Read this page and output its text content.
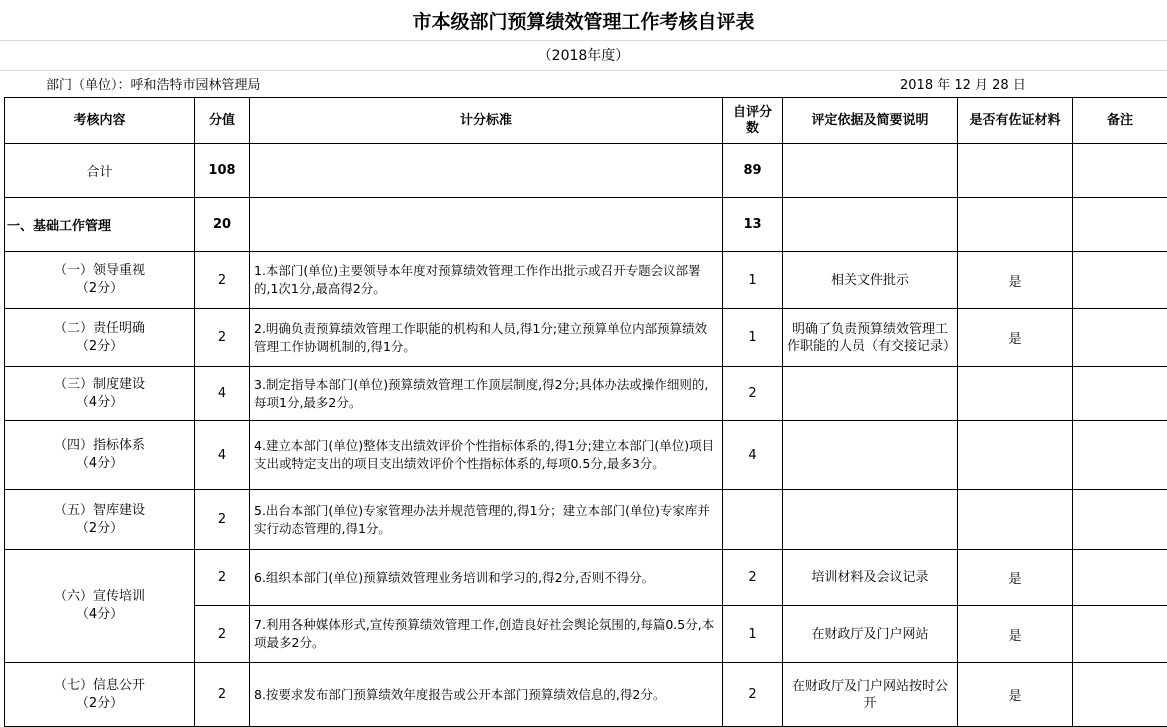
市本级部门预算绩效管理工作考核自评表
（2018年度）
部门（单位）：呼和浩特市园林管理局	2018 年 12 月 28 日
考核内容	分值	计分标准	自评分数	评定依据及简要说明	是否有佐证材料	备注
合计	108		89			
一、基础工作管理	20		13			

（一）领导重视
（2分）	2	1.本部门(单位)主要领导本年度对预算绩效管理工作作出批示或召开专题会议部署的,1次1分,最高得2分。	1	相关文件批示	是	

（二）责任明确
（2分）	2	2.明确负责预算绩效管理工作职能的机构和人员,得1分;建立预算单位内部预算绩效管理工作协调机制的,得1分。	1	明确了负责预算绩效管理工作职能的人员（有交接记录）	是	

（三）制度建设
（4分）	4	3.制定指导本部门(单位)预算绩效管理工作顶层制度,得2分;具体办法或操作细则的,每项1分,最多2分。	2			

（四）指标体系
（4分）	4	4.建立本部门(单位)整体支出绩效评价个性指标体系的,得1分;建立本部门(单位)项目支出或特定支出的项目支出绩效评价个性指标体系的,每项0.5分,最多3分。	4			

（五）智库建设
（2分）	2	5.出台本部门(单位)专家管理办法并规范管理的,得1分；建立本部门(单位)专家库并实行动态管理的,得1分。				

（六）宣传培训
（4分）	2	6.组织本部门(单位)预算绩效管理业务培训和学习的,得2分,否则不得分。	2	培训材料及会议记录	是	
	2	7.利用各种媒体形式,宣传预算绩效管理工作,创造良好社会舆论氛围的,每篇0.5分,本项最多2分。	1	在财政厅及门户网站	是	

（七）信息公开
（2分）	2	8.按要求发布部门预算绩效年度报告或公开本部门预算绩效信息的,得2分。	2	在财政厅及门户网站按时公开	是	
